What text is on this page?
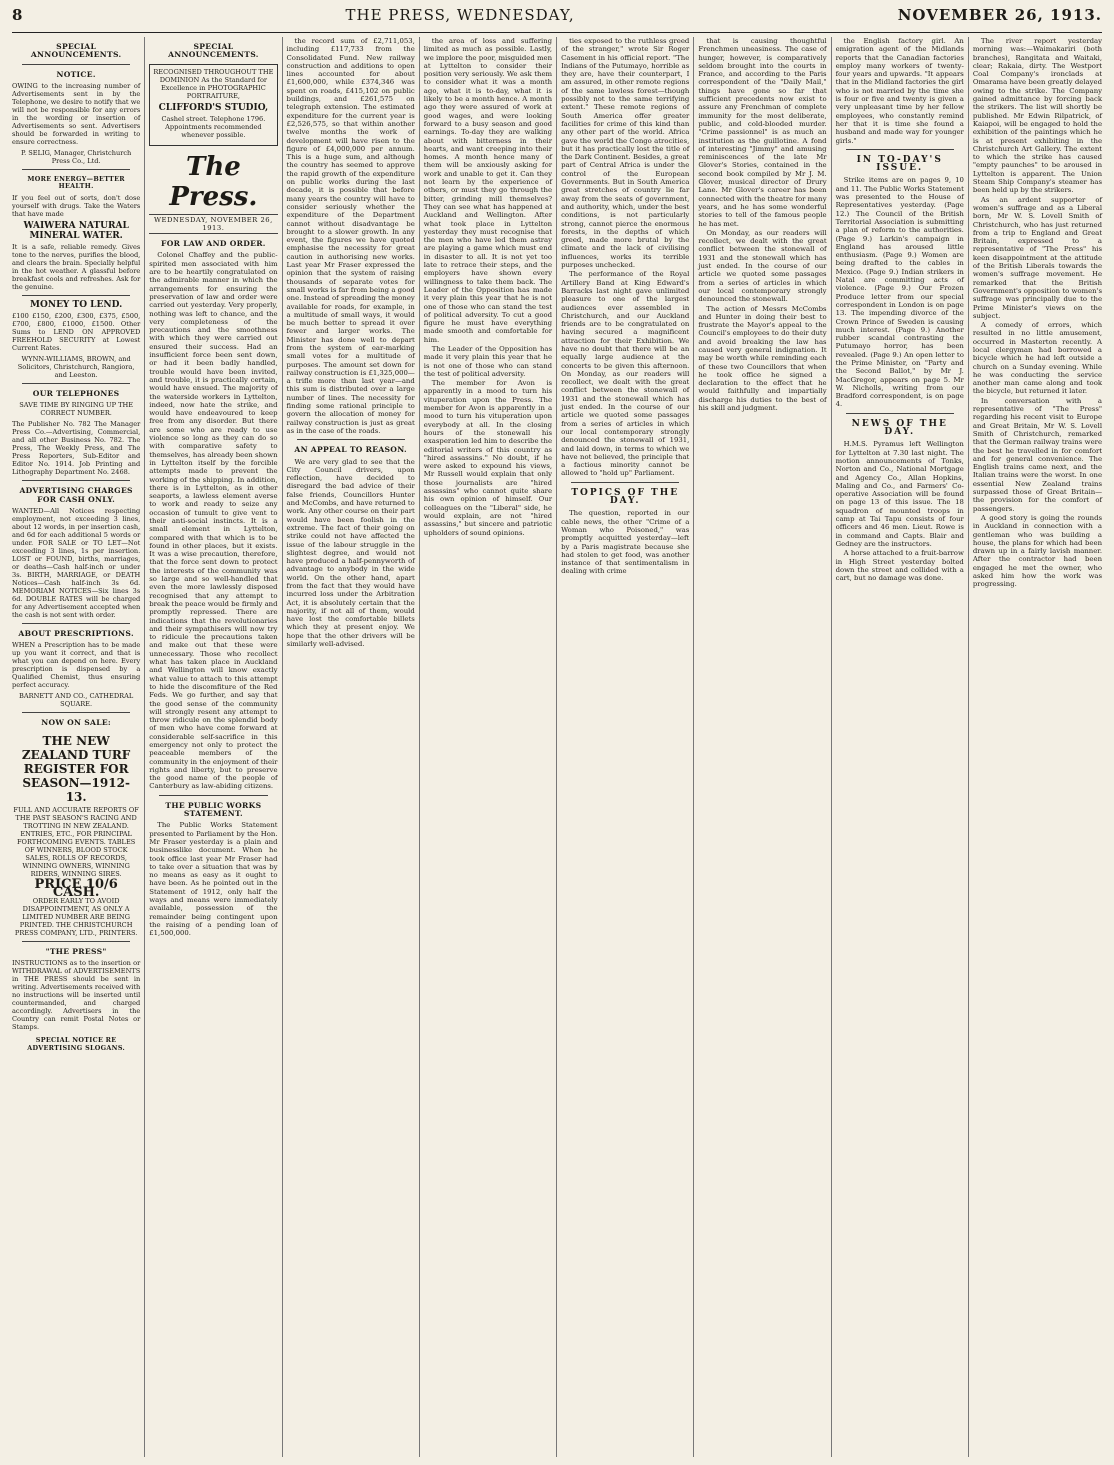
8	THE PRESS, WEDNESDAY,	NOVEMBER 26, 1913.
SPECIAL ANNOUNCEMENTS.
NOTICE.
OWING to the increasing number of Advertisements sent in by the Telephone, we desire to notify that we will not be responsible for any errors in the wording or insertion of Advertisements so sent. Advertisers should be forwarded in writing to ensure correctness.
P. SELIG, Manager, Christchurch Press Co., Ltd.
MORE ENERGY—BETTER HEALTH.
If you feel out of sorts, don't dose yourself with drugs. Take the Waters that have made
WAIWERA NATURAL MINERAL WATER.
It is a safe, reliable remedy. Gives tone to the nerves, purifies the blood, and clears the brain. Specially helpful in the hot weather. A glassful before breakfast cools and refreshes. Ask for the genuine.
MONEY TO LEND.
£100 £150, £200, £300, £375, £500, £700, £800, £1000, £1500. Other Sums to LEND ON APPROVED FREEHOLD SECURITY at Lowest Current Rates.
WYNN-WILLIAMS, BROWN, and Solicitors, Christchurch, Rangiora, and Leeston.
OUR TELEPHONES
SAVE TIME BY RINGING UP THE CORRECT NUMBER.
The Publisher No. 782 The Manager Press Co.—Advertising, Commercial, and all other Business No. 782. The Press, The Weekly Press, and The Press Reporters, Sub-Editor and Editor No. 1914. Job Printing and Lithography Department No. 2468.
ADVERTISING CHARGES FOR CASH ONLY.
WANTED—All Notices respecting employment, not exceeding 3 lines, about 12 words, in per insertion cash, and 6d for each additional 5 words or under. FOR SALE or TO LET—Not exceeding 3 lines, 1s per insertion. LOST or FOUND, births, marriages, or deaths—Cash half-inch or under 3s. BIRTH, MARRIAGE, or DEATH Notices—Cash half-inch 3s 6d. MEMORIAM NOTICES—Six lines 3s 6d. DOUBLE RATES will be charged for any Advertisement accepted when the cash is not sent with order.
ABOUT PRESCRIPTIONS.
WHEN a Prescription has to be made up you want it correct, and that is what you can depend on here. Every prescription is dispensed by a Qualified Chemist, thus ensuring perfect accuracy.
BARNETT AND CO., CATHEDRAL SQUARE.
NOW ON SALE:
THE NEW ZEALAND TURF REGISTER FOR SEASON—1912-13.
FULL AND ACCURATE REPORTS OF THE PAST SEASON'S RACING AND TROTTING IN NEW ZEALAND. ENTRIES, ETC., FOR PRINCIPAL FORTHCOMING EVENTS. TABLES OF WINNERS, BLOOD STOCK SALES, ROLLS OF RECORDS, WINNING OWNERS, WINNING RIDERS, WINNING SIRES.
PRICE 10/6 CASH.
ORDER EARLY TO AVOID DISAPPOINTMENT, AS ONLY A LIMITED NUMBER ARE BEING PRINTED. THE CHRISTCHURCH PRESS COMPANY, LTD., PRINTERS.
"THE PRESS"
INSTRUCTIONS as to the insertion or WITHDRAWAL of ADVERTISEMENTS in THE PRESS should be sent in writing. Advertisements received with no instructions will be inserted until countermanded, and charged accordingly. Advertisers in the Country can remit Postal Notes or Stamps.
SPECIAL NOTICE RE ADVERTISING SLOGANS.
SPECIAL ANNOUNCEMENTS.
RECOGNISED THROUGHOUT THE DOMINION As the Standard for Excellence in PHOTOGRAPHIC PORTRAITURE,
CLIFFORD'S STUDIO,
Cashel street. Telephone 1796. Appointments recommended whenever possible.
The Press.
WEDNESDAY, NOVEMBER 26, 1913.
FOR LAW AND ORDER.
Colonel Chaffey and the public-spirited men associated with him are to be heartily congratulated on the admirable manner in which the arrangements for ensuring the preservation of law and order were carried out yesterday. Very properly, nothing was left to chance, and the very completeness of the precautions and the smoothness with which they were carried out ensured their success. Had an insufficient force been sent down, or had it been badly handled, trouble would have been invited, and trouble, it is practically certain, would have ensued. The majority of the waterside workers in Lyttelton, indeed, now hate the strike, and would have endeavoured to keep free from any disorder. But there are some who are ready to use violence so long as they can do so with comparative safety to themselves, has already been shown in Lyttelton itself by the forcible attempts made to prevent the working of the shipping. In addition, there is in Lyttelton, as in other seaports, a lawless element averse to work and ready to seize any occasion of tumult to give vent to their anti-social instincts. It is a small element in Lyttelton, compared with that which is to be found in other places, but it exists. It was a wise precaution, therefore, that the force sent down to protect the interests of the community was so large and so well-handled that even the more lawlessly disposed recognised that any attempt to break the peace would be firmly and promptly repressed. There are indications that the revolutionaries and their sympathisers will now try to ridicule the precautions taken and make out that these were unnecessary. Those who recollect what has taken place in Auckland and Wellington will know exactly what value to attach to this attempt to hide the discomfiture of the Red Feds. We go further, and say that the good sense of the community will strongly resent any attempt to throw ridicule on the splendid body of men who have come forward at considerable self-sacrifice in this emergency not only to protect the peaceable members of the community in the enjoyment of their rights and liberty, but to preserve the good name of the people of Canterbury as law-abiding citizens.
THE PUBLIC WORKS STATEMENT.
The Public Works Statement presented to Parliament by the Hon. Mr Fraser yesterday is a plain and businesslike document. When he took office last year Mr Fraser had to take over a situation that was by no means as easy as it ought to have been. As he pointed out in the Statement of 1912, only half the ways and means were immediately available, possession of the remainder being contingent upon the raising of a pending loan of £1,500,000.
the record sum of £2,711,053, including £117,733 from the Consolidated Fund. New railway construction and additions to open lines accounted for about £1,600,000, while £374,346 was spent on roads, £415,102 on public buildings, and £261,575 on telegraph extension. The estimated expenditure for the current year is £2,526,575, so that within another twelve months the work of development will have risen to the figure of £4,000,000 per annum. This is a huge sum, and although the country has seemed to approve the rapid growth of the expenditure on public works during the last decade, it is possible that before many years the country will have to consider seriously whether the expenditure of the Department cannot without disadvantage be brought to a slower growth. In any event, the figures we have quoted emphasise the necessity for great caution in authorising new works. Last year Mr Fraser expressed the opinion that the system of raising thousands of separate votes for small works is far from being a good one. Instead of spreading the money available for roads, for example, in a multitude of small ways, it would be much better to spread it over fewer and larger works. The Minister has done well to depart from the system of ear-marking small votes for a multitude of purposes. The amount set down for railway construction is £1,325,000—a trifle more than last year—and this sum is distributed over a large number of lines. The necessity for finding some rational principle to govern the allocation of money for railway construction is just as great as in the case of the roads.
AN APPEAL TO REASON.
We are very glad to see that the City Council drivers, upon reflection, have decided to disregard the bad advice of their false friends, Councillors Hunter and McCombs, and have returned to work. Any other course on their part would have been foolish in the extreme. The fact of their going on strike could not have affected the issue of the labour struggle in the slightest degree, and would not have produced a half-pennyworth of advantage to anybody in the wide world. On the other hand, apart from the fact that they would have incurred loss under the Arbitration Act, it is absolutely certain that the majority, if not all of them, would have lost the comfortable billets which they at present enjoy. We hope that the other drivers will be similarly well-advised.
the area of loss and suffering limited as much as possible. Lastly, we implore the poor, misguided men at Lyttelton to consider their position very seriously. We ask them to consider what it was a month ago, what it is to-day, what it is likely to be a month hence. A month ago they were assured of work at good wages, and were looking forward to a busy season and good earnings. To-day they are walking about with bitterness in their hearts, and want creeping into their homes. A month hence many of them will be anxiously asking for work and unable to get it. Can they not learn by the experience of others, or must they go through the bitter, grinding mill themselves? They can see what has happened at Auckland and Wellington. After what took place in Lyttelton yesterday they must recognise that the men who have led them astray are playing a game which must end in disaster to all. It is not yet too late to retrace their steps, and the employers have shown every willingness to take them back. The Leader of the Opposition has made it very plain this year that he is not one of those who can stand the test of political adversity. To cut a good figure he must have everything made smooth and comfortable for him.
The Leader of the Opposition has made it very plain this year that he is not one of those who can stand the test of political adversity.
The member for Avon is apparently in a mood to turn his vituperation upon the Press. The member for Avon is apparently in a mood to turn his vituperation upon everybody at all. In the closing hours of the stonewall his exasperation led him to describe the editorial writers of this country as "hired assassins." No doubt, if he were asked to expound his views, Mr Russell would explain that only those journalists are "hired assassins" who cannot quite share his own opinion of himself. Our colleagues on the "Liberal" side, he would explain, are not "hired assassins," but sincere and patriotic upholders of sound opinions.
ties exposed to the ruthless greed of the stranger," wrote Sir Roger Casement in his official report. "The Indians of the Putumayo, horrible as they are, have their counterpart, I am assured, in other remote regions of the same lawless forest—though possibly not to the same terrifying extent." These remote regions of South America offer greater facilities for crime of this kind than any other part of the world. Africa gave the world the Congo atrocities, but it has practically lost the title of the Dark Continent. Besides, a great part of Central Africa is under the control of the European Governments. But in South America great stretches of country lie far away from the seats of government, and authority, which, under the best conditions, is not particularly strong, cannot pierce the enormous forests, in the depths of which greed, made more brutal by the climate and the lack of civilising influences, works its terrible purposes unchecked.
The performance of the Royal Artillery Band at King Edward's Barracks last night gave unlimited pleasure to one of the largest audiences ever assembled in Christchurch, and our Auckland friends are to be congratulated on having secured a magnificent attraction for their Exhibition. We have no doubt that there will be an equally large audience at the concerts to be given this afternoon. On Monday, as our readers will recollect, we dealt with the great conflict between the stonewall of 1931 and the stonewall which has just ended. In the course of our article we quoted some passages from a series of articles in which our local contemporary strongly denounced the stonewall of 1931, and laid down, in terms to which we have not believed, the principle that a factious minority cannot be allowed to "hold up" Parliament.
TOPICS OF THE DAY.
The question, reported in our cable news, the other "Crime of a Woman who Poisoned," was promptly acquitted yesterday—left by a Paris magistrate because she had stolen to get food, was another instance of that sentimentalism in dealing with crime
that is causing thoughtful Frenchmen uneasiness. The case of hunger, however, is comparatively seldom brought into the courts in France, and according to the Paris correspondent of the "Daily Mail," things have gone so far that sufficient precedents now exist to assure any Frenchman of complete immunity for the most deliberate, public, and cold-blooded murder. "Crime passionnel" is as much an institution as the guillotine. A fond of interesting "Jimmy" and amusing reminiscences of the late Mr Glover's Stories, contained in the second book compiled by Mr J. M. Glover, musical director of Drury Lane. Mr Glover's career has been connected with the theatre for many years, and he has some wonderful stories to tell of the famous people he has met.
On Monday, as our readers will recollect, we dealt with the great conflict between the stonewall of 1931 and the stonewall which has just ended. In the course of our article we quoted some passages from a series of articles in which our local contemporary strongly denounced the stonewall.
The action of Messrs McCombs and Hunter in doing their best to frustrate the Mayor's appeal to the Council's employees to do their duty and avoid breaking the law has caused very general indignation. It may be worth while reminding each of these two Councillors that when he took office he signed a declaration to the effect that he would faithfully and impartially discharge his duties to the best of his skill and judgment.
the English factory girl. An emigration agent of the Midlands reports that the Canadian factories employ many workers of twenty-four years and upwards. "It appears that in the Midland factories the girl who is not married by the time she is four or five and twenty is given a very unpleasant time by her fellow employees, who constantly remind her that it is time she found a husband and made way for younger girls."
IN TO-DAY'S ISSUE.
Strike items are on pages 9, 10 and 11. The Public Works Statement was presented to the House of Representatives yesterday. (Page 12.) The Council of the British Territorial Association is submitting a plan of reform to the authorities. (Page 9.) Larkin's campaign in England has aroused little enthusiasm. (Page 9.) Women are being drafted to the cables in Mexico. (Page 9.) Indian strikers in Natal are committing acts of violence. (Page 9.) Our Frozen Produce letter from our special correspondent in London is on page 13. The impending divorce of the Crown Prince of Sweden is causing much interest. (Page 9.) Another rubber scandal contrasting the Putumayo horror, has been revealed. (Page 9.) An open letter to the Prime Minister, on "Party and the Second Ballot," by Mr J. MacGregor, appears on page 5. Mr W. Nicholls, writing from our Bradford correspondent, is on page 4.
NEWS OF THE DAY.
H.M.S. Pyramus left Wellington for Lyttelton at 7.30 last night. The motion announcements of Tonks, Norton and Co., National Mortgage and Agency Co., Allan Hopkins, Maling and Co., and Farmers' Co-operative Association will be found on page 13 of this issue. The 18 squadron of mounted troops in camp at Tai Tapu consists of four officers and 46 men. Lieut. Rowe is in command and Capts. Blair and Gedney are the instructors.
A horse attached to a fruit-barrow in High Street yesterday bolted down the street and collided with a cart, but no damage was done.
The river report yesterday morning was:—Waimakariri (both branches), Rangitata and Waitaki, clear; Rakaia, dirty. The Westport Coal Company's ironclads at Omarama have been greatly delayed owing to the strike. The Company gained admittance by forcing back the strikers. The list will shortly be published. Mr Edwin Rilpatrick, of Kaiapoi, will be engaged to hold the exhibition of the paintings which he is at present exhibiting in the Christchurch Art Gallery. The extent to which the strike has caused "empty paunches" to be aroused in Lyttelton is apparent. The Union Steam Ship Company's steamer has been held up by the strikers.
As an ardent supporter of women's suffrage and as a Liberal born, Mr W. S. Lovell Smith of Christchurch, who has just returned from a trip to England and Great Britain, expressed to a representative of "The Press" his keen disappointment at the attitude of the British Liberals towards the women's suffrage movement. He remarked that the British Government's opposition to women's suffrage was principally due to the Prime Minister's views on the subject.
A comedy of errors, which resulted in no little amusement, occurred in Masterton recently. A local clergyman had borrowed a bicycle which he had left outside a church on a Sunday evening. While he was conducting the service another man came along and took the bicycle, but returned it later.
In conversation with a representative of "The Press" regarding his recent visit to Europe and Great Britain, Mr W. S. Lovell Smith of Christchurch, remarked that the German railway trains were the best he travelled in for comfort and for general convenience. The English trains came next, and the Italian trains were the worst. In one essential New Zealand trains surpassed those of Great Britain—the provision for the comfort of passengers.
A good story is going the rounds in Auckland in connection with a gentleman who was building a house, the plans for which had been drawn up in a fairly lavish manner. After the contractor had been engaged he met the owner, who asked him how the work was progressing.
